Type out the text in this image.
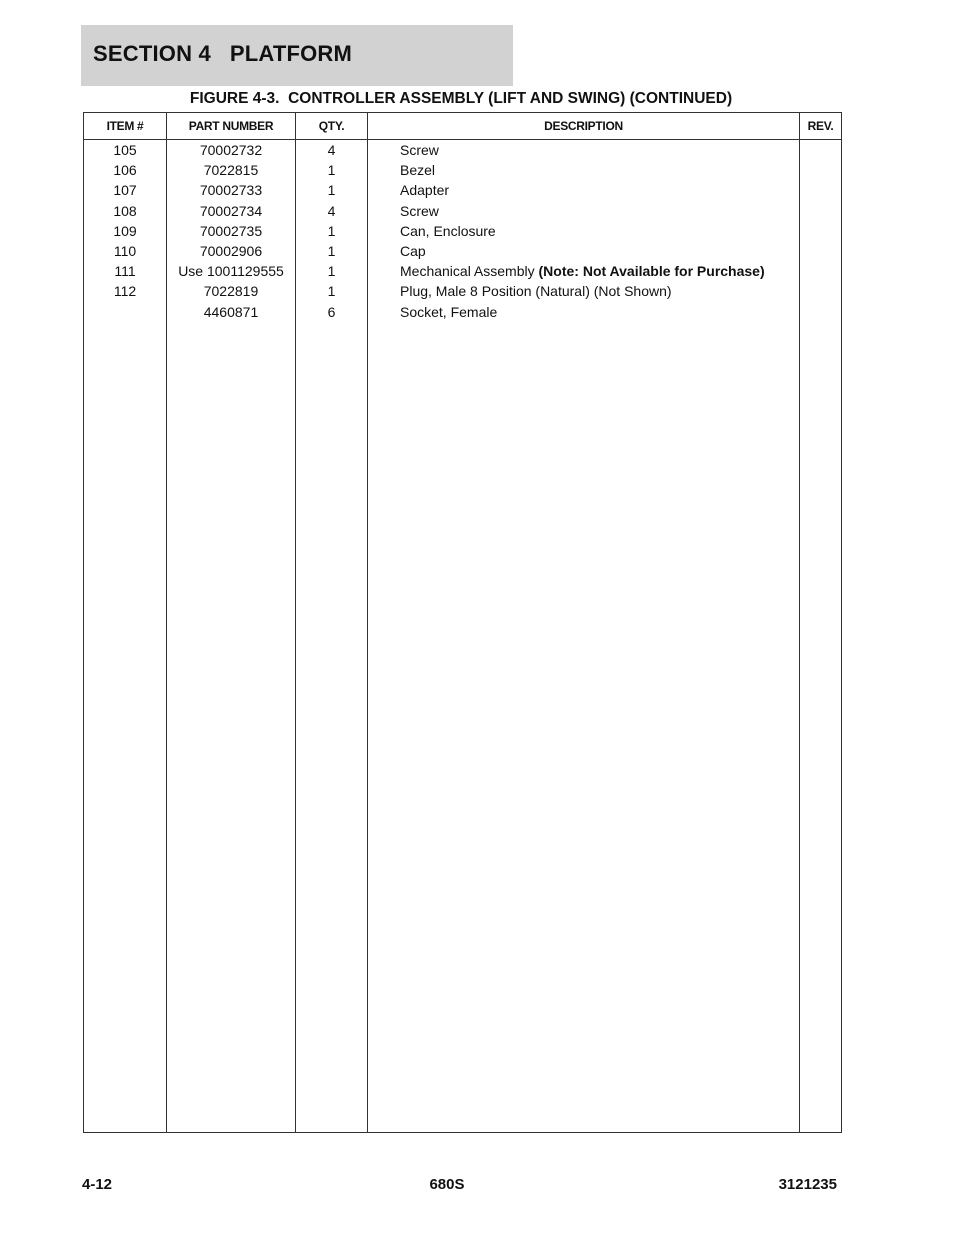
SECTION 4   PLATFORM
FIGURE 4-3.  CONTROLLER ASSEMBLY (LIFT AND SWING) (CONTINUED)
ITEM #	PART NUMBER	QTY.	DESCRIPTION	REV.
105	70002732	4	Screw	
106	7022815	1	Bezel	
107	70002733	1	Adapter	
108	70002734	4	Screw	
109	70002735	1	Can, Enclosure	
110	70002906	1	Cap	
111	Use 1001129555	1	Mechanical Assembly (Note: Not Available for Purchase)	
112	7022819	1	Plug, Male 8 Position (Natural) (Not Shown)	
	4460871	6	Socket, Female	

4-12	680S	3121235
